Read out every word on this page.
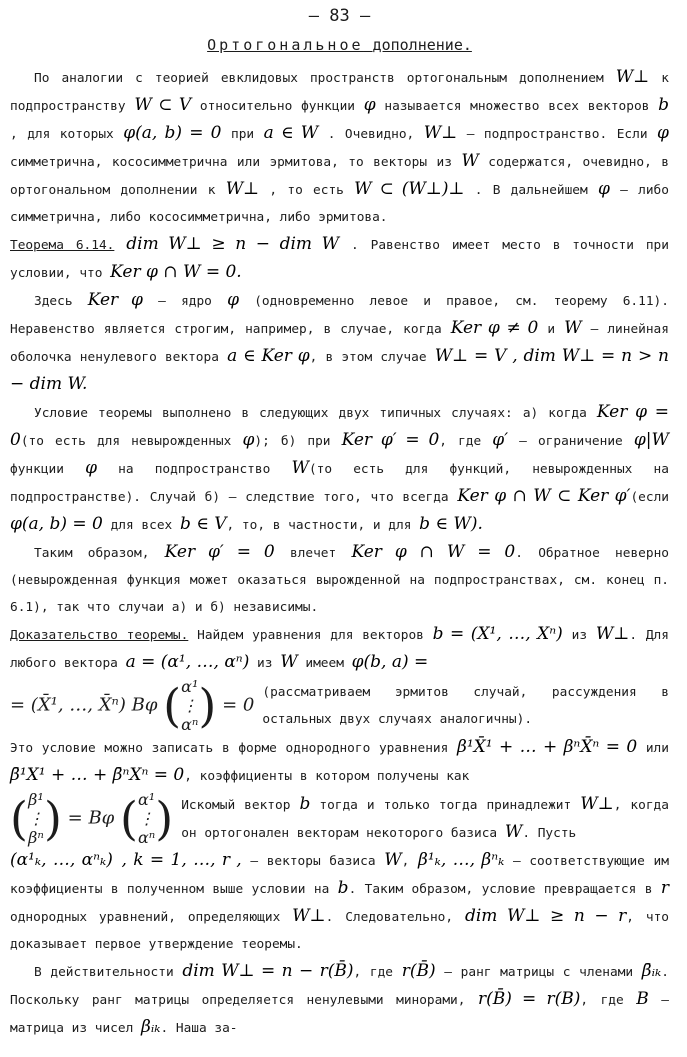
– 83 –
Ортогональное дополнение.

По аналогии с теорией евклидовых пространств ортогональным дополнением W⊥ к подпространству W ⊂ V относительно функции φ называется множество всех векторов b , для которых φ(a, b) = 0 при a ∈ W . Очевидно, W⊥ – подпространство. Если φ симметрична, кососимметрична или эрмитова, то векторы из W содержатся, очевидно, в ортогональном дополнении к W⊥ , то есть W ⊂ (W⊥)⊥ . В дальнейшем φ – либо симметрична, либо кососимметрична, либо эрмитова.

Теорема 6.14. dim W⊥ ≥ n − dim W . Равенство имеет место в точности при условии, что Ker φ ∩ W = 0.

Здесь Ker φ – ядро φ (одновременно левое и правое, см. теорему 6.11). Неравенство является строгим, например, в случае, когда Ker φ ≠ 0 и W – линейная оболочка ненулевого вектора a ∈ Ker φ, в этом случае W⊥ = V , dim W⊥ = n > n − dim W.

Условие теоремы выполнено в следующих двух типичных случаях: а) когда Ker φ = 0(то есть для невырожденных φ); б) при Ker φ′ = 0, где φ′ – ограничение φ|W функции φ на подпространство W(то есть для функций, невырожденных на подпространстве). Случай б) – следствие того, что всегда Ker φ ∩ W ⊂ Ker φ′(если φ(a, b) = 0 для всех b ∈ V, то, в частности, и для b ∈ W).

Таким образом, Ker φ′ = 0 влечет Ker φ ∩ W = 0. Обратное неверно (невырожденная функция может оказаться вырожденной на подпространствах, см. конец п. 6.1), так что случаи а) и б) независимы.

Доказательство теоремы. Найдем уравнения для векторов b = (X¹, …, Xⁿ) из W⊥. Для любого вектора a = (α¹, …, αⁿ) из W имеем φ(b, a) =

= (X̄¹, …, X̄ⁿ) Bφ (α¹
⋮
αⁿ) = 0
(рассматриваем эрмитов случай, рассуждения в остальных двух случаях аналогичны).

Это условие можно записать в форме однородного уравнения β¹X̄¹ + … + βⁿX̄ⁿ = 0 или β̄¹X¹ + … + β̄ⁿXⁿ = 0, коэффициенты в котором получены как

(β¹
⋮
βⁿ) = Bφ (α¹
⋮
αⁿ) Искомый вектор b тогда и только тогда принадлежит W⊥, когда он ортогонален векторам некоторого базиса W. Пусть

(α¹ₖ, …, αⁿₖ) , k = 1, …, r , – векторы базиса W, β¹ₖ, …, βⁿₖ – соответствующие им коэффициенты в полученном выше условии на b. Таким образом, условие превращается в r однородных уравнений, определяющих W⊥. Следовательно, dim W⊥ ≥ n − r, что доказывает первое утверждение теоремы.

В действительности dim W⊥ = n − r(B̄), где r(B̄) – ранг матрицы с членами β̄ᵢₖ. Поскольку ранг матрицы определяется ненулевыми минорами, r(B̄) = r(B), где B – матрица из чисел βᵢₖ. Наша за-
